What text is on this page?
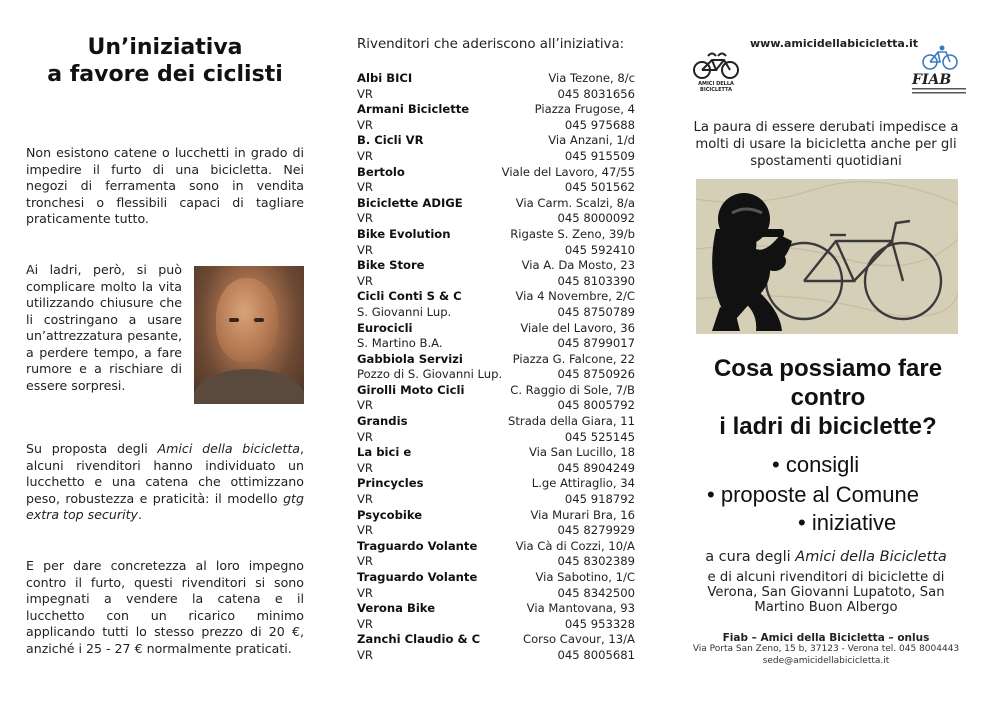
Un’iniziativa
a favore dei ciclisti

Non esistono catene o lucchetti in grado di impedire il furto di una bicicletta. Nei negozi di ferramenta sono in vendita tronchesi o flessibili capaci di tagliare praticamente tutto.

Ai ladri, però, si può complicare molto la vita utilizzando chiusure che li costringano a usare un’attrezzatura pesante, a perdere tempo, a fare rumore e a rischiare di essere sorpresi.

Su proposta degli Amici della bicicletta, alcuni rivenditori hanno individuato un lucchetto e una catena che ottimizzano peso, robustezza e praticità: il modello gtg extra top security.

E per dare concretezza al loro impegno contro il furto, questi rivenditori si sono impegnati a vendere la catena e il lucchetto con un ricarico minimo applicando tutti lo stesso prezzo di 20 €, anziché i 25 - 27 € normalmente praticati.

Rivenditori che aderiscono all’iniziativa:
Albi BICI	Via Tezone, 8/c
VR	045 8031656
Armani Biciclette	Piazza Frugose, 4
VR	045 975688
B. Cicli VR	Via Anzani, 1/d
VR	045 915509
Bertolo	Viale del Lavoro, 47/55
VR	045 501562
Biciclette ADIGE	Via Carm. Scalzi, 8/a
VR	045 8000092
Bike Evolution	Rigaste S. Zeno, 39/b
VR	045 592410
Bike Store	Via A. Da Mosto, 23
VR	045 8103390
Cicli Conti S & C	Via 4 Novembre, 2/C
S. Giovanni Lup.	045 8750789
Eurocicli	Viale del Lavoro, 36
S. Martino B.A.	045 8799017
Gabbiola Servizi	Piazza G. Falcone, 22
Pozzo di S. Giovanni Lup.	045 8750926
Girolli Moto Cicli	C. Raggio di Sole, 7/B
VR	045 8005792
Grandis	Strada della Giara, 11
VR	045 525145
La bici e	Via San Lucillo, 18
VR	045 8904249
Princycles	L.ge Attiraglio, 34
VR	045 918792
Psycobike	Via Murari Bra, 16
VR	045 8279929
Traguardo Volante	Via Cà di Cozzi, 10/A
VR	045 8302389
Traguardo Volante	Via Sabotino, 1/C
VR	045 8342500
Verona Bike	Via Mantovana, 93
VR	045 953328
Zanchi Claudio & C	Corso Cavour, 13/A
VR	045 8005681
www.amicidellabicicletta.it
AMICI DELLA
BICICLETTA
FIAB
La paura di essere derubati impedisce a molti di usare la bicicletta anche per gli spostamenti quotidiani
Cosa possiamo fare
contro
i ladri di biciclette?
• consigli
• proposte al Comune
• iniziative
a cura degli Amici della Bicicletta
e di alcuni rivenditori di biciclette di Verona, San Giovanni Lupatoto, San Martino Buon Albergo
Fiab – Amici della Bicicletta – onlus
Via Porta San Zeno, 15 b, 37123 - Verona tel. 045 8004443
sede@amicidellabicicletta.it
